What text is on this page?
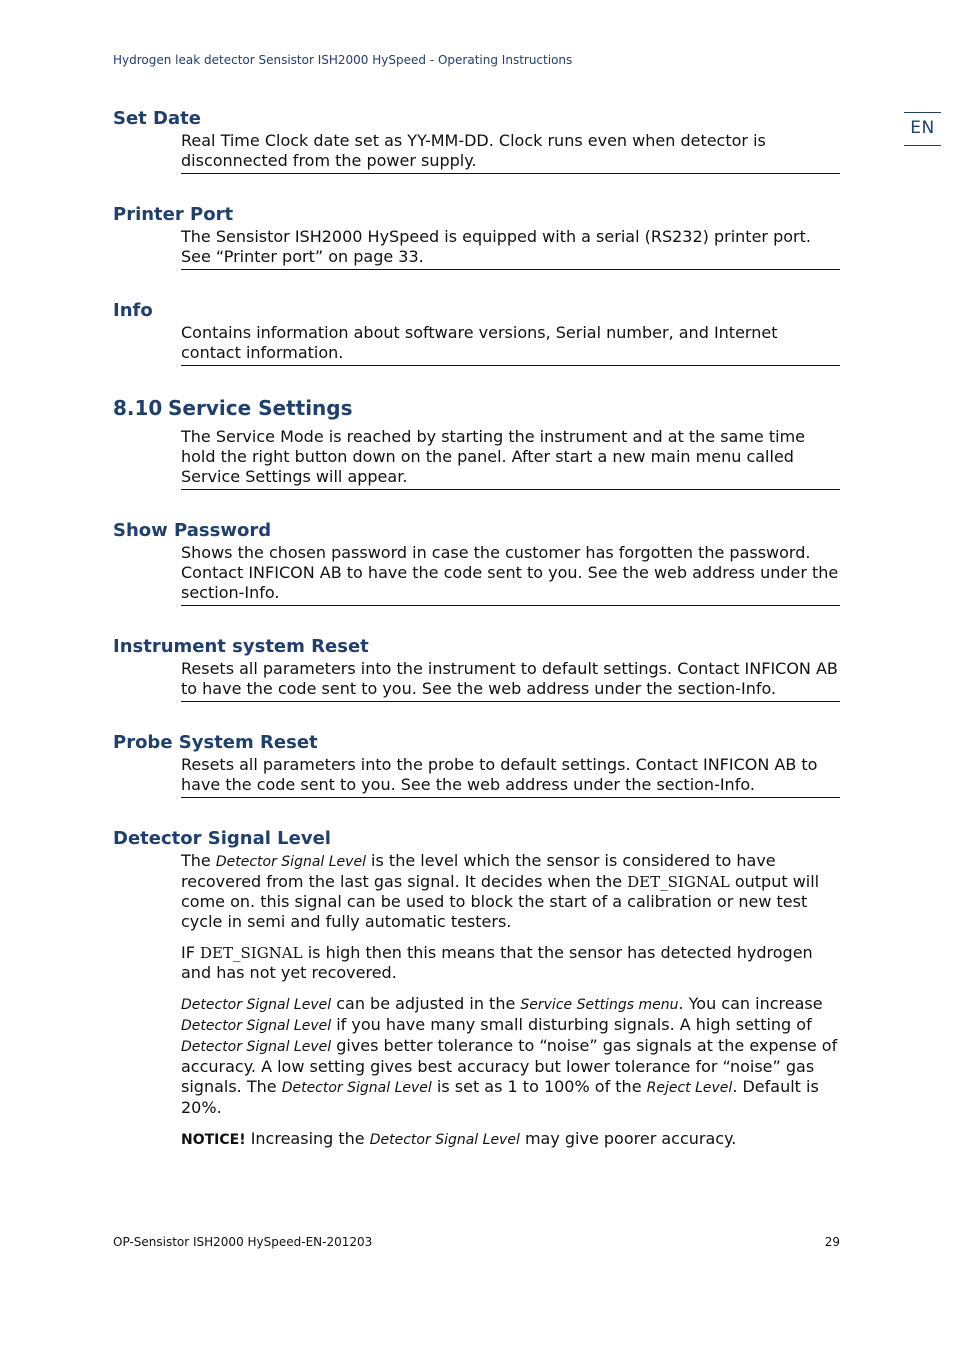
Hydrogen leak detector Sensistor ISH2000 HySpeed - Operating Instructions
EN
Set Date

Real Time Clock date set as YY-MM-DD. Clock runs even when detector is disconnected from the power supply.

Printer Port

The Sensistor ISH2000 HySpeed is equipped with a serial (RS232) printer port. See “Printer port” on page 33.

Info

Contains information about software versions, Serial number, and Internet contact information.

8.10 Service Settings

The Service Mode is reached by starting the instrument and at the same time hold the right button down on the panel. After start a new main menu called Service Settings will appear.

Show Password

Shows the chosen password in case the customer has forgotten the password. Contact INFICON AB to have the code sent to you. See the web address under the section-Info.

Instrument system Reset

Resets all parameters into the instrument to default settings. Contact INFICON AB to have the code sent to you. See the web address under the section-Info.

Probe System Reset

Resets all parameters into the probe to default settings. Contact INFICON AB to have the code sent to you. See the web address under the section-Info.

Detector Signal Level

The Detector Signal Level is the level which the sensor is considered to have recovered from the last gas signal. It decides when the DET_SIGNAL output will come on. this signal can be used to block the start of a calibration or new test cycle in semi and fully automatic testers.

IF DET_SIGNAL is high then this means that the sensor has detected hydrogen and has not yet recovered.

Detector Signal Level can be adjusted in the Service Settings menu. You can increase Detector Signal Level if you have many small disturbing signals. A high setting of Detector Signal Level gives better tolerance to “noise” gas signals at the expense of accuracy. A low setting gives best accuracy but lower tolerance for “noise” gas signals. The Detector Signal Level is set as 1 to 100% of the Reject Level. Default is 20%.

NOTICE! Increasing the Detector Signal Level may give poorer accuracy.

OP-Sensistor ISH2000 HySpeed-EN-201203	29
